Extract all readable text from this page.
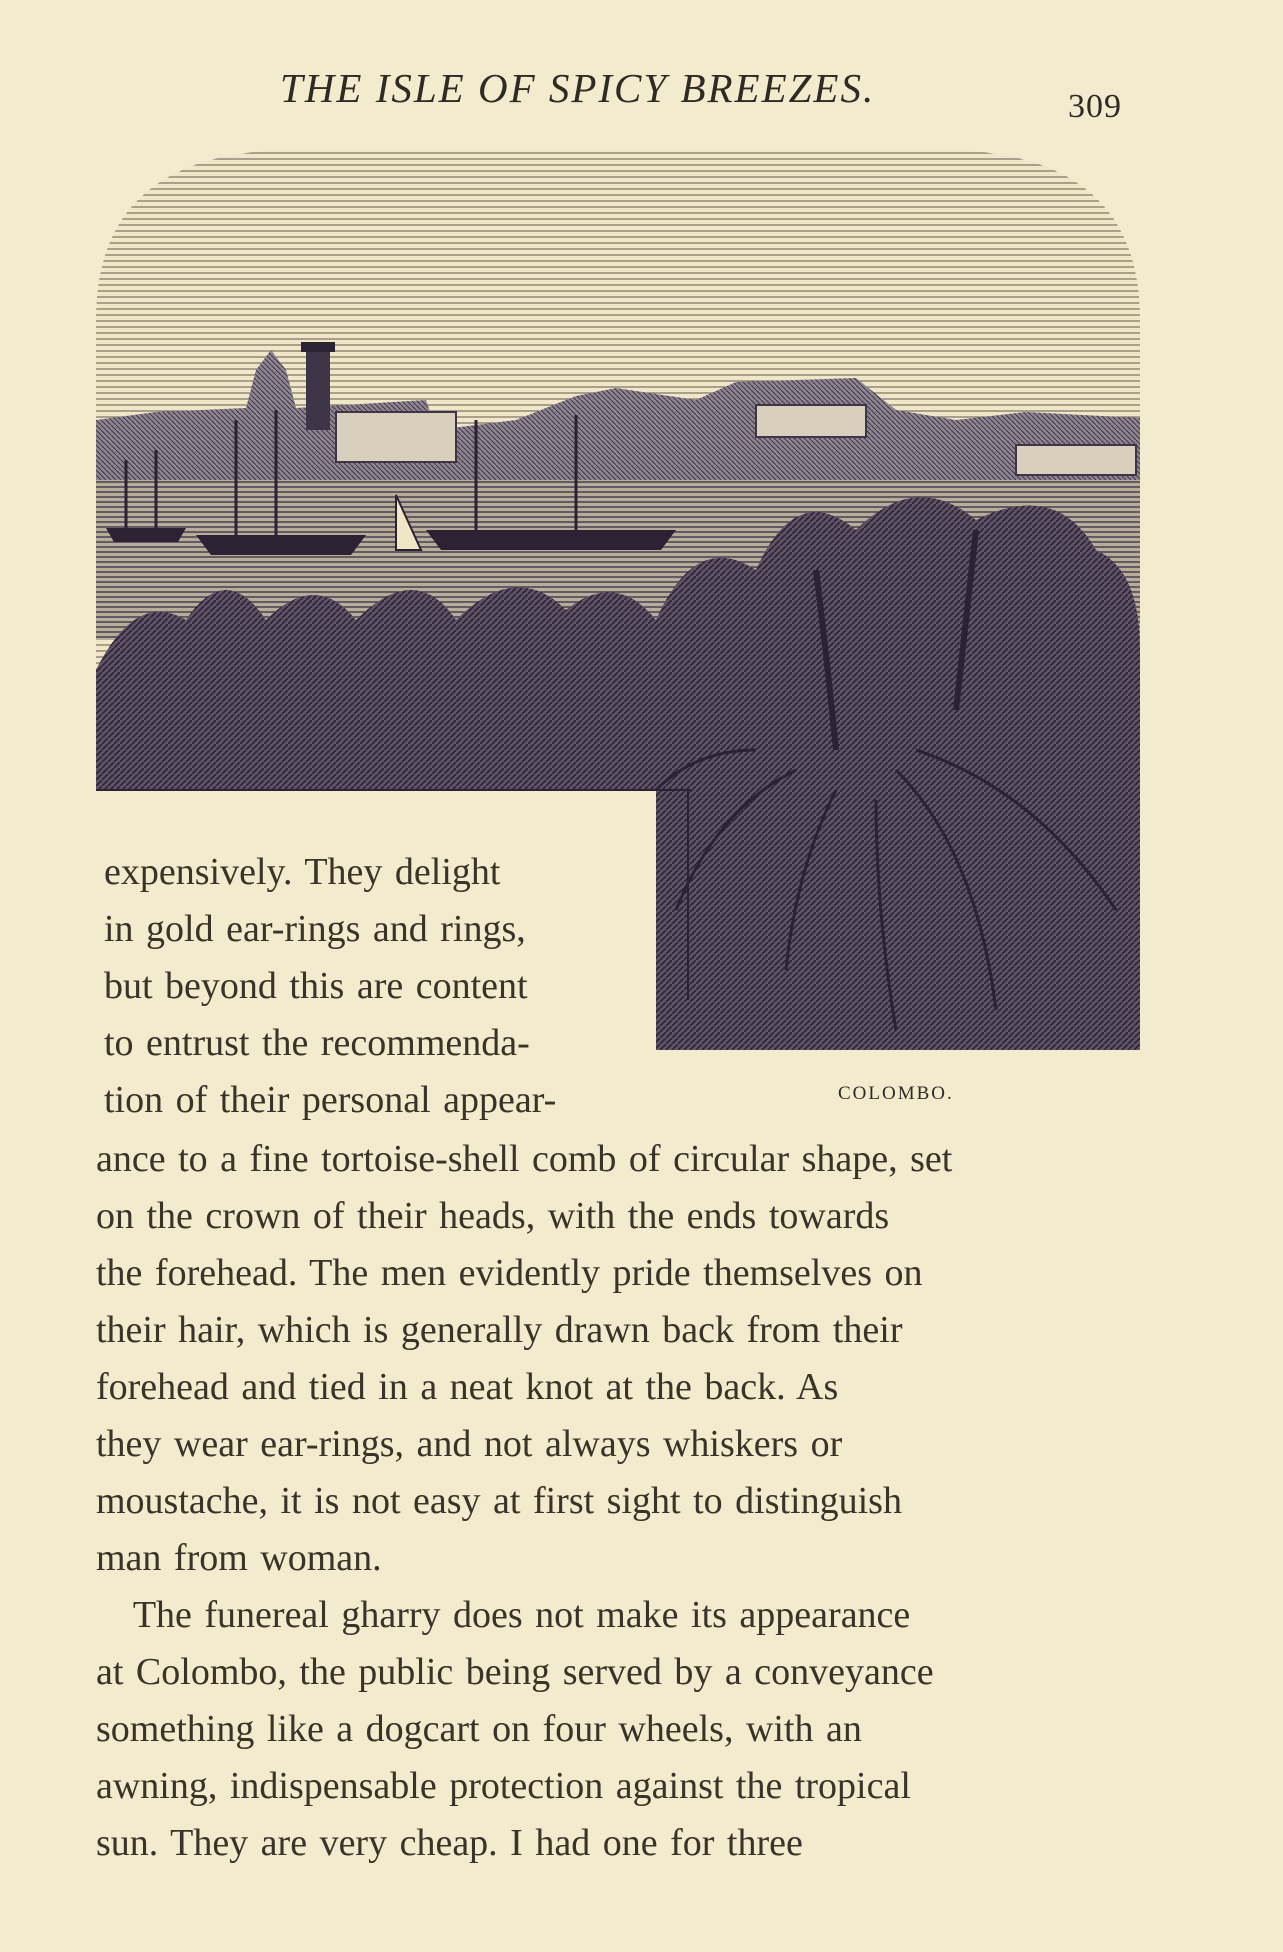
THE ISLE OF SPICY BREEZES.	309
COLOMBO.
expensively. They delight
in gold ear-rings and rings,
but beyond this are content
to entrust the recommenda-
tion of their personal appear-
ance to a fine tortoise-shell comb of circular shape, set
on the crown of their heads, with the ends towards
the forehead. The men evidently pride themselves on
their hair, which is generally drawn back from their
forehead and tied in a neat knot at the back. As
they wear ear-rings, and not always whiskers or
moustache, it is not easy at first sight to distinguish
man from woman.
The funereal gharry does not make its appearance
at Colombo, the public being served by a conveyance
something like a dogcart on four wheels, with an
awning, indispensable protection against the tropical
sun. They are very cheap. I had one for three
